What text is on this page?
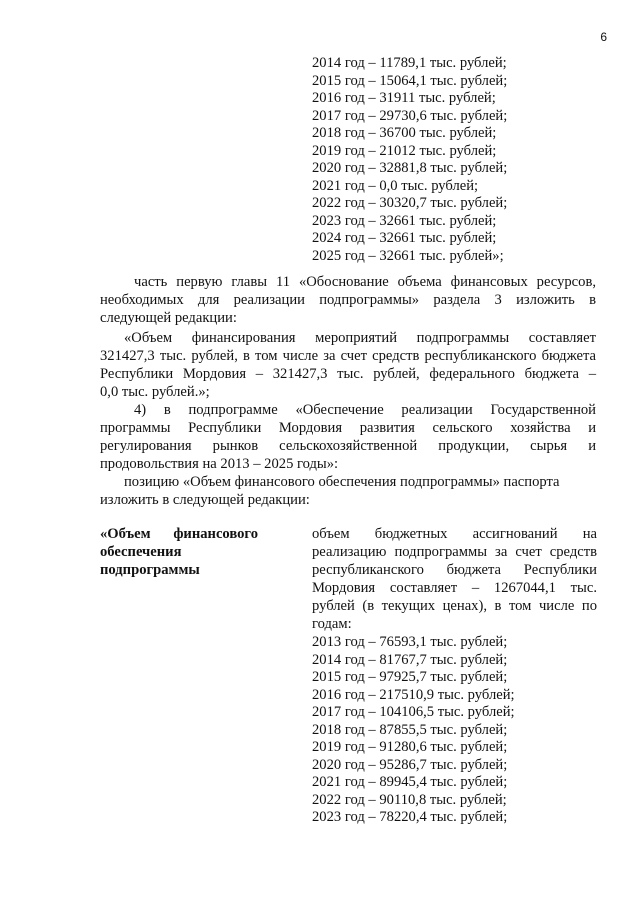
6
2014 год – 11789,1 тыс. рублей;
2015 год – 15064,1 тыс. рублей;
2016 год – 31911 тыс. рублей;
2017 год – 29730,6 тыс. рублей;
2018 год – 36700 тыс. рублей;
2019 год – 21012 тыс. рублей;
2020 год – 32881,8 тыс. рублей;
2021 год – 0,0 тыс. рублей;
2022 год – 30320,7 тыс. рублей;
2023 год – 32661 тыс. рублей;
2024 год – 32661 тыс. рублей;
2025 год – 32661 тыс. рублей»;
часть первую главы 11 «Обоснование объема финансовых ресурсов,
необходимых для реализации подпрограммы» раздела 3 изложить в
следующей редакции:
«Объем финансирования мероприятий подпрограммы составляет
321427,3 тыс. рублей, в том числе за счет средств республиканского бюджета
Республики Мордовия – 321427,3 тыс. рублей, федерального бюджета –
0,0 тыс. рублей.»;
4) в подпрограмме «Обеспечение реализации Государственной
программы Республики Мордовия развития сельского хозяйства и
регулирования рынков сельскохозяйственной продукции, сырья и
продовольствия на 2013 – 2025 годы»:
позицию «Объем финансового обеспечения подпрограммы» паспорта
изложить в следующей редакции:
«Объем финансового
обеспечения
подпрограммы
объем бюджетных ассигнований на
реализацию подпрограммы за счет средств
республиканского бюджета Республики
Мордовия составляет – 1267044,1 тыс.
рублей (в текущих ценах), в том числе по
годам:
2013 год – 76593,1 тыс. рублей;
2014 год – 81767,7 тыс. рублей;
2015 год – 97925,7 тыс. рублей;
2016 год – 217510,9 тыс. рублей;
2017 год – 104106,5 тыс. рублей;
2018 год – 87855,5 тыс. рублей;
2019 год – 91280,6 тыс. рублей;
2020 год – 95286,7 тыс. рублей;
2021 год – 89945,4 тыс. рублей;
2022 год – 90110,8 тыс. рублей;
2023 год – 78220,4 тыс. рублей;
